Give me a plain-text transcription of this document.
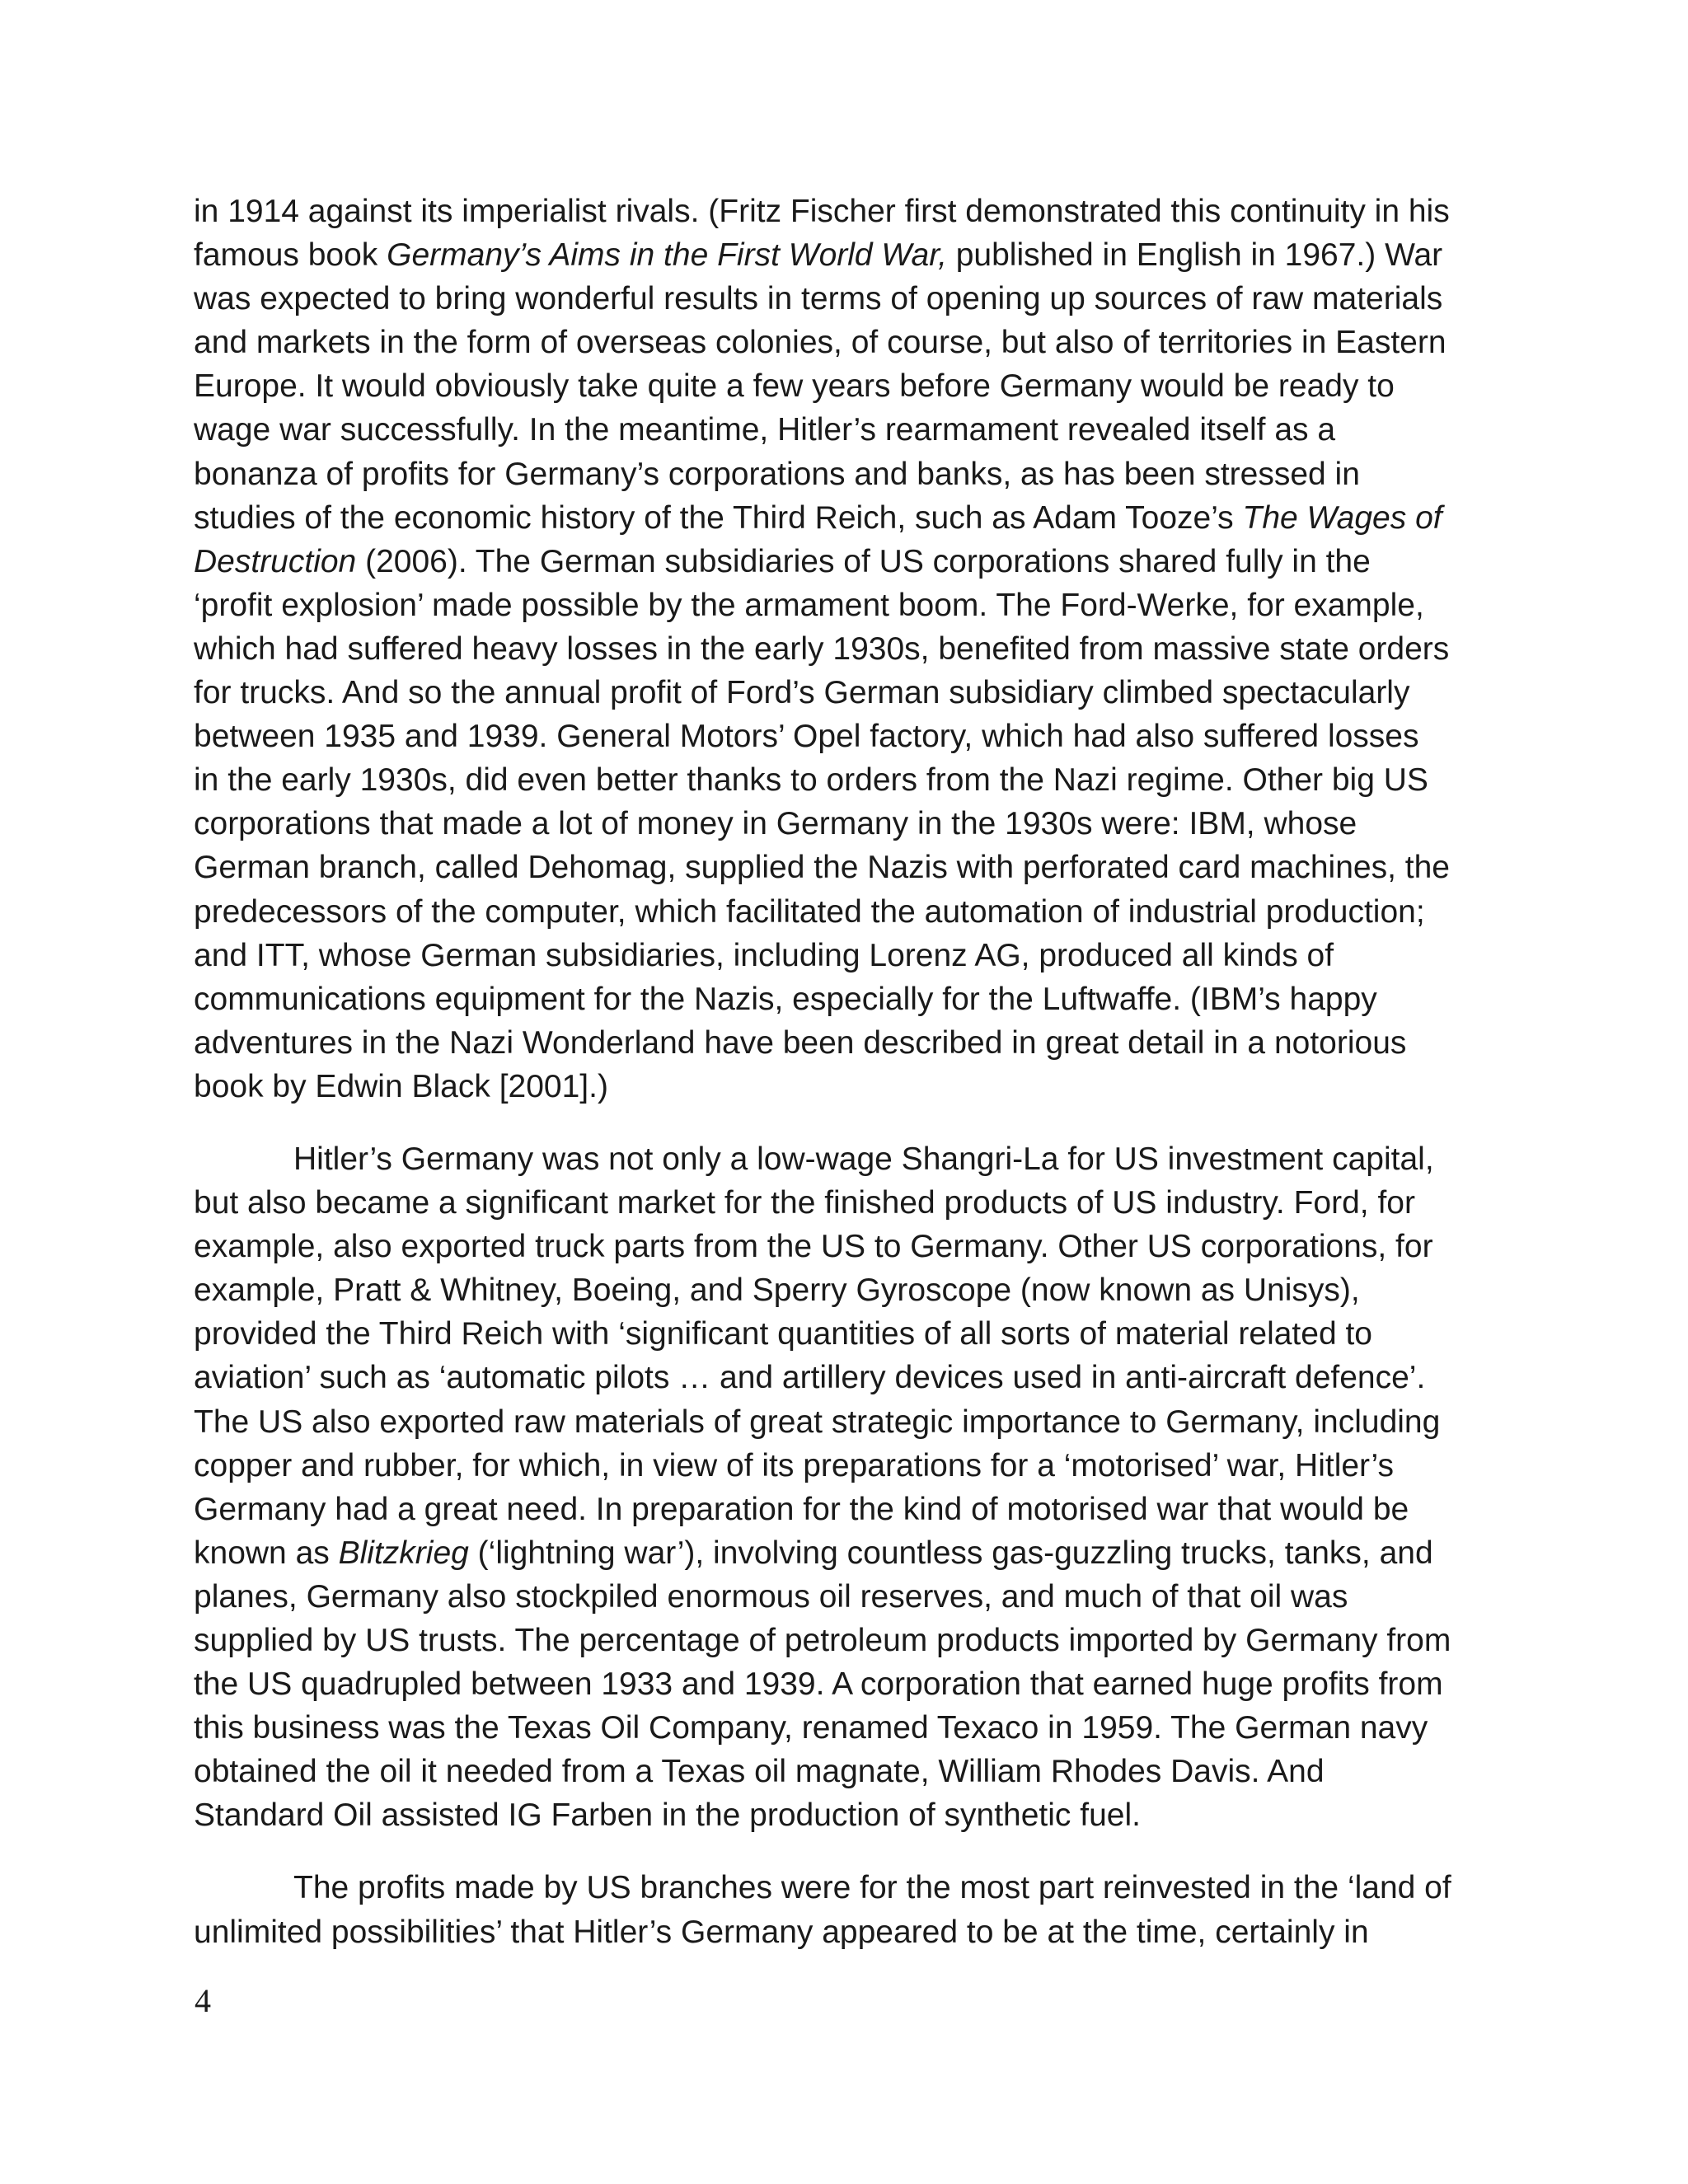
in 1914 against its imperialist rivals. (Fritz Fischer first demonstrated this continuity in his
famous book Germany’s Aims in the First World War, published in English in 1967.) War
was expected to bring wonderful results in terms of opening up sources of raw materials
and markets in the form of overseas colonies, of course, but also of territories in Eastern
Europe. It would obviously take quite a few years before Germany would be ready to
wage war successfully. In the meantime, Hitler’s rearmament revealed itself as a
bonanza of profits for Germany’s corporations and banks, as has been stressed in
studies of the economic history of the Third Reich, such as Adam Tooze’s The Wages of
Destruction (2006). The German subsidiaries of US corporations shared fully in the
‘profit explosion’ made possible by the armament boom. The Ford-Werke, for example,
which had suffered heavy losses in the early 1930s, benefited from massive state orders
for trucks. And so the annual profit of Ford’s German subsidiary climbed spectacularly
between 1935 and 1939. General Motors’ Opel factory, which had also suffered losses
in the early 1930s, did even better thanks to orders from the Nazi regime. Other big US
corporations that made a lot of money in Germany in the 1930s were: IBM, whose
German branch, called Dehomag, supplied the Nazis with perforated card machines, the
predecessors of the computer, which facilitated the automation of industrial production;
and ITT, whose German subsidiaries, including Lorenz AG, produced all kinds of
communications equipment for the Nazis, especially for the Luftwaffe. (IBM’s happy
adventures in the Nazi Wonderland have been described in great detail in a notorious
book by Edwin Black [2001].)

Hitler’s Germany was not only a low-wage Shangri-La for US investment capital,
but also became a significant market for the finished products of US industry. Ford, for
example, also exported truck parts from the US to Germany. Other US corporations, for
example, Pratt & Whitney, Boeing, and Sperry Gyroscope (now known as Unisys),
provided the Third Reich with ‘significant quantities of all sorts of material related to
aviation’ such as ‘automatic pilots … and artillery devices used in anti-aircraft defence’.
The US also exported raw materials of great strategic importance to Germany, including
copper and rubber, for which, in view of its preparations for a ‘motorised’ war, Hitler’s
Germany had a great need. In preparation for the kind of motorised war that would be
known as Blitzkrieg (‘lightning war’), involving countless gas-guzzling trucks, tanks, and
planes, Germany also stockpiled enormous oil reserves, and much of that oil was
supplied by US trusts. The percentage of petroleum products imported by Germany from
the US quadrupled between 1933 and 1939. A corporation that earned huge profits from
this business was the Texas Oil Company, renamed Texaco in 1959. The German navy
obtained the oil it needed from a Texas oil magnate, William Rhodes Davis. And
Standard Oil assisted IG Farben in the production of synthetic fuel.

The profits made by US branches were for the most part reinvested in the ‘land of
unlimited possibilities’ that Hitler’s Germany appeared to be at the time, certainly in

4
